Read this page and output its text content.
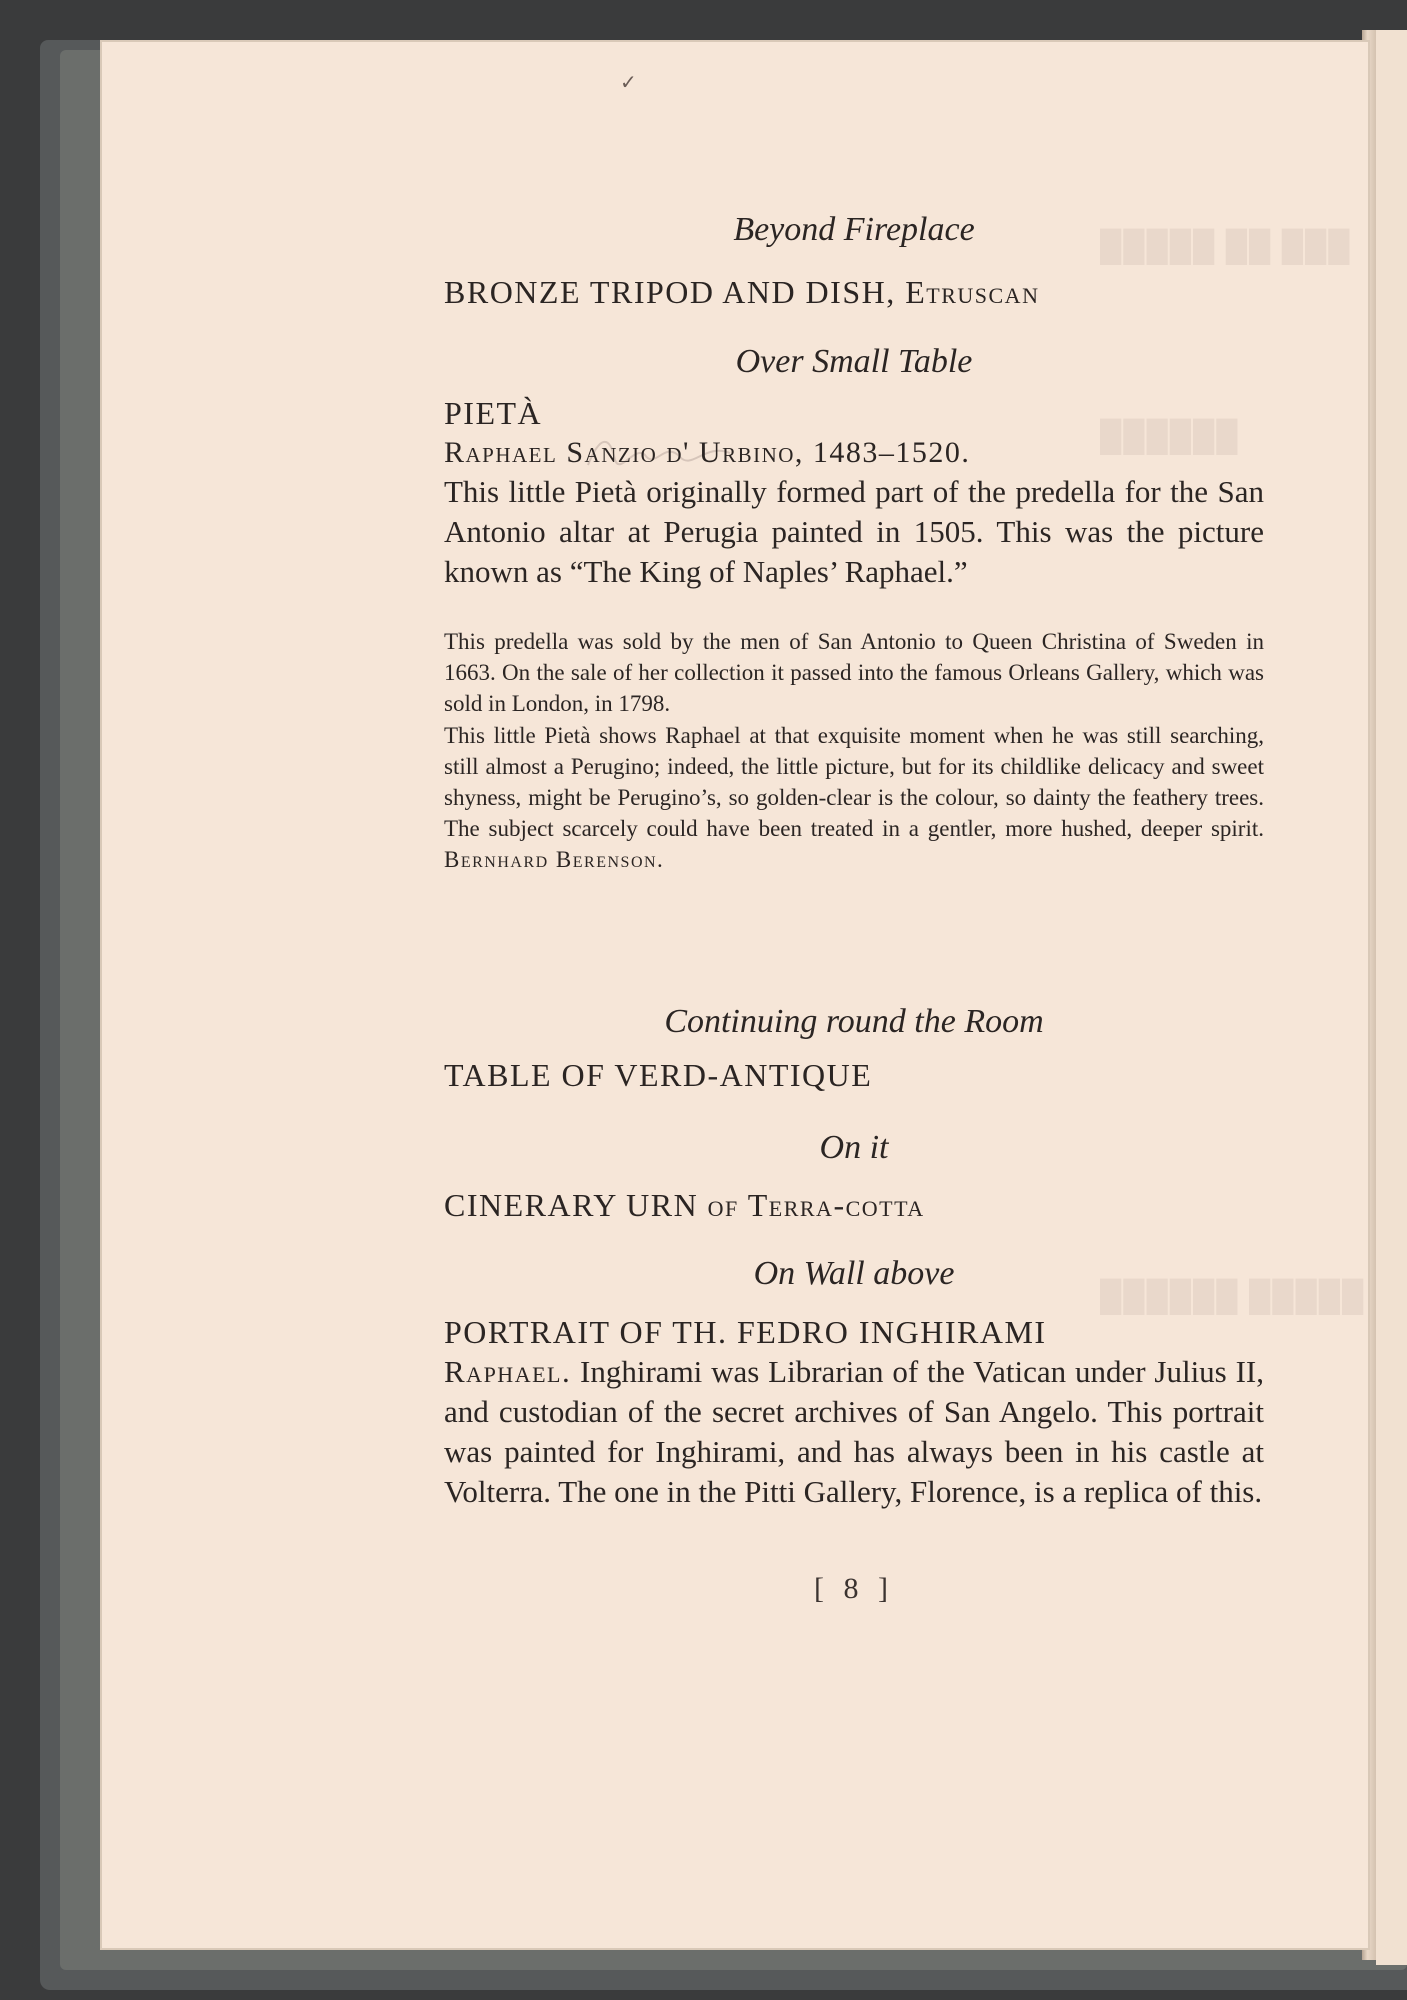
█████ ██ ███
██████
██████ █████
✓
Beyond Fireplace
BRONZE TRIPOD AND DISH, Etruscan
Over Small Table
PIETÀ
Raphael Sanzio d' Urbino, 1483–1520.
This little Pietà originally formed part of the predella for the San Antonio altar at Perugia painted in 1505. This was the picture known as “The King of Naples’ Raphael.”
This predella was sold by the men of San Antonio to Queen Christina of Sweden in 1663. On the sale of her collection it passed into the famous Orleans Gallery, which was sold in London, in 1798.
This little Pietà shows Raphael at that exquisite moment when he was still searching, still almost a Perugino; indeed, the little picture, but for its childlike delicacy and sweet shyness, might be Perugino’s, so golden-clear is the colour, so dainty the feathery trees. The subject scarcely could have been treated in a gentler, more hushed, deeper spirit. Bernhard Berenson.
Continuing round the Room
TABLE OF VERD-ANTIQUE
On it
CINERARY URN of Terra-cotta
On Wall above
PORTRAIT OF TH. FEDRO INGHIRAMI
Raphael. Inghirami was Librarian of the Vatican under Julius II, and custodian of the secret archives of San Angelo. This portrait was painted for Inghirami, and has always been in his castle at Volterra. The one in the Pitti Gallery, Florence, is a replica of this.
[ 8 ]
